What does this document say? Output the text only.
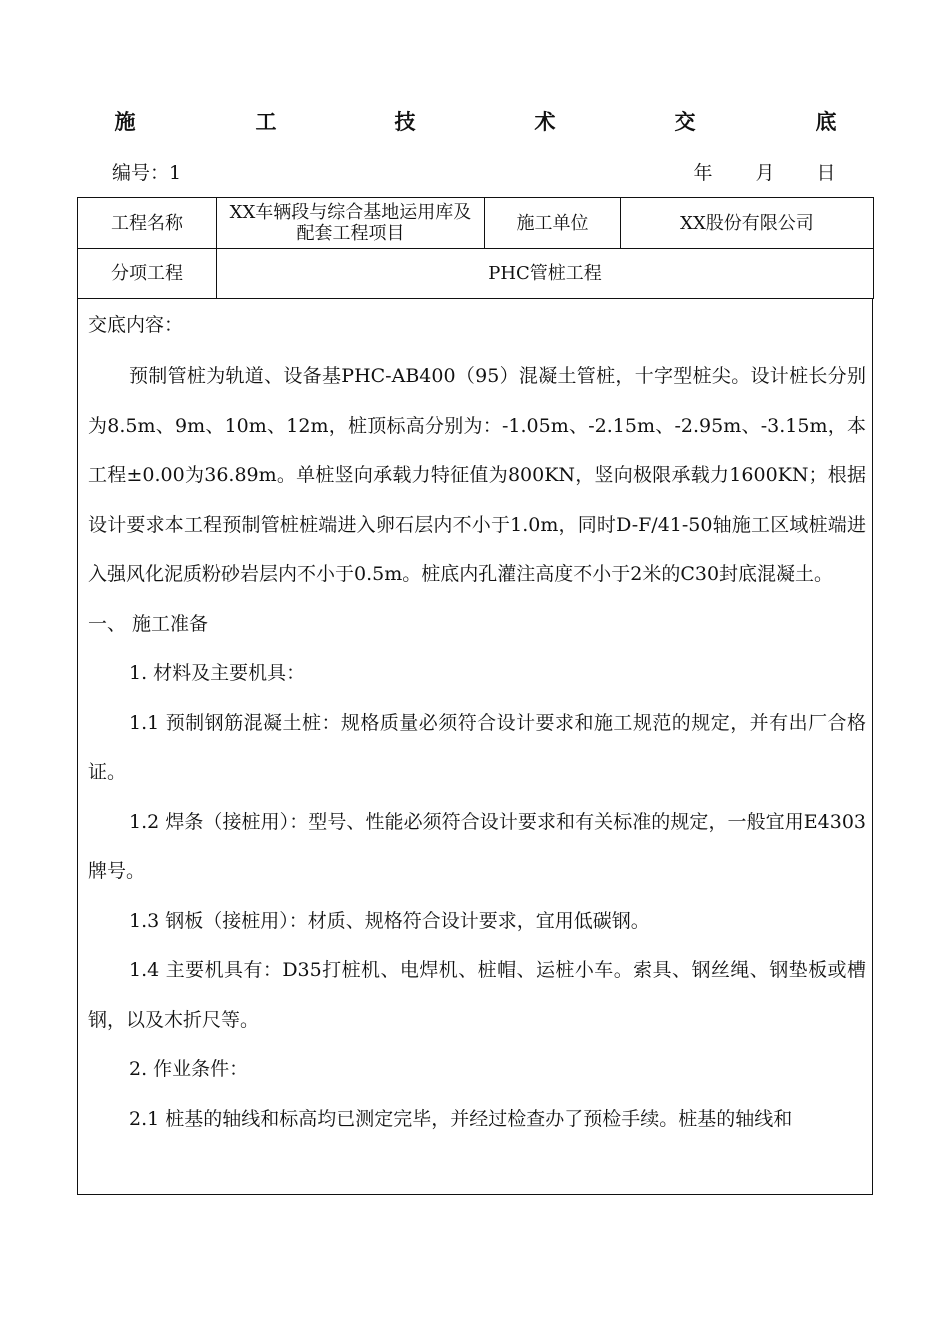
施	工	技	术	交	底
编号：1	年 月 日
工程名称	XX车辆段与综合基地运用库及配套工程项目	施工单位	XX股份有限公司
分项工程	PHC管桩工程		
交底内容：

预制管桩为轨道、设备基PHC-AB400（95）混凝土管桩，十字型桩尖。设计桩长分别为8.5m、9m、10m、12m，桩顶标高分别为：-1.05m、-2.15m、-2.95m、-3.15m，本工程±0.00为36.89m。单桩竖向承载力特征值为800KN，竖向极限承载力1600KN；根据设计要求本工程预制管桩桩端进入卵石层内不小于1.0m，同时D-F/41-50轴施工区域桩端进入强风化泥质粉砂岩层内不小于0.5m。桩底内孔灌注高度不小于2米的C30封底混凝土。

一、 施工准备

1. 材料及主要机具：

1.1 预制钢筋混凝土桩：规格质量必须符合设计要求和施工规范的规定，并有出厂合格证。

1.2 焊条（接桩用）：型号、性能必须符合设计要求和有关标准的规定，一般宜用E4303牌号。

1.3 钢板（接桩用）：材质、规格符合设计要求，宜用低碳钢。

1.4 主要机具有：D35打桩机、电焊机、桩帽、运桩小车。索具、钢丝绳、钢垫板或槽钢，以及木折尺等。

2. 作业条件：

2.1 桩基的轴线和标高均已测定完毕，并经过检查办了预检手续。桩基的轴线和
